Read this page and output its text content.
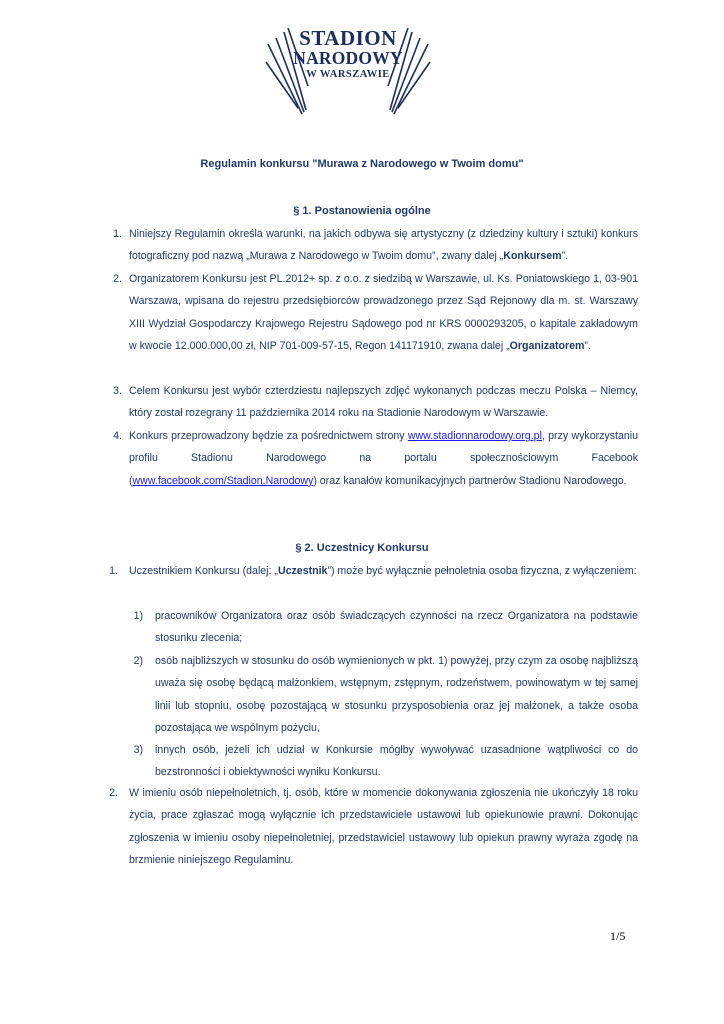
STADION
NARODOWY
W WARSZAWIE
Regulamin konkursu "Murawa z Narodowego w Twoim domu"
§ 1. Postanowienia ogólne
1. Niniejszy Regulamin określa warunki, na jakich odbywa się artystyczny (z dziedziny kultury i sztuki) konkurs fotograficzny pod nazwą „Murawa z Narodowego w Twoim domu”, zwany dalej „Konkursem”.
2. Organizatorem Konkursu jest PL.2012+ sp. z o.o. z siedzibą w Warszawie, ul. Ks. Poniatowskiego 1, 03-901 Warszawa, wpisana do rejestru przedsiębiorców prowadzonego przez Sąd Rejonowy dla m. st. Warszawy XIII Wydział Gospodarczy Krajowego Rejestru Sądowego pod nr KRS 0000293205, o kapitale zakładowym w kwocie 12.000.000,00 zł, NIP 701-009-57-15, Regon 141171910, zwana dalej „Organizatorem”.
3. Celem Konkursu jest wybór czterdziestu najlepszych zdjęć wykonanych podczas meczu Polska – Niemcy, który został rozegrany 11 października 2014 roku na Stadionie Narodowym w Warszawie.
4. Konkurs przeprowadzony będzie za pośrednictwem strony www.stadionnarodowy.org.pl, przy wykorzystaniu profilu Stadionu Narodowego na portalu społecznościowym Facebook (www.facebook.com/Stadion.Narodowy) oraz kanałów komunikacyjnych partnerów Stadionu Narodowego.
§ 2. Uczestnicy Konkursu
1. Uczestnikiem Konkursu (dalej: „Uczestnik”) może być wyłącznie pełnoletnia osoba fizyczna, z wyłączeniem:
1) pracowników Organizatora oraz osób świadczących czynności na rzecz Organizatora na podstawie stosunku zlecenia;
2) osób najbliższych w stosunku do osób wymienionych w pkt. 1) powyżej, przy czym za osobę najbliższą uważa się osobę będącą małżonkiem, wstępnym, zstępnym, rodzeństwem, powinowatym w tej samej linii lub stopniu, osobę pozostającą w stosunku przysposobienia oraz jej małżonek, a także osoba pozostająca we wspólnym pożyciu,
3) innych osób, jeżeli ich udział w Konkursie mógłby wywoływać uzasadnione wątpliwości co do bezstronności i obiektywności wyniku Konkursu.
2. W imieniu osób niepełnoletnich, tj. osób, które w momencie dokonywania zgłoszenia nie ukończyły 18 roku życia, prace zgłaszać mogą wyłącznie ich przedstawiciele ustawowi lub opiekunowie prawni. Dokonując zgłoszenia w imieniu osoby niepełnoletniej, przedstawiciel ustawowy lub opiekun prawny wyraża zgodę na brzmienie niniejszego Regulaminu.
1/5
